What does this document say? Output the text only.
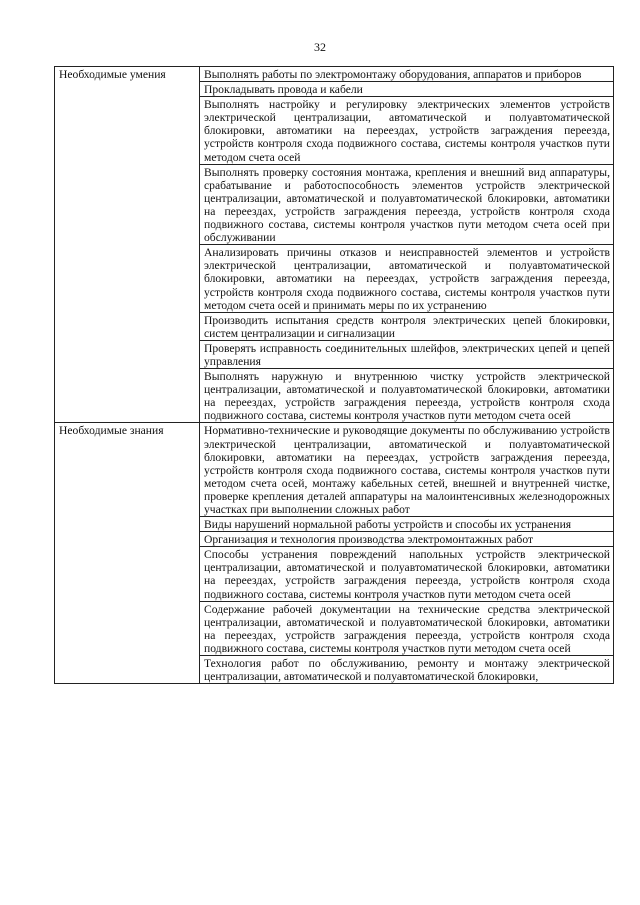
32
Необходимые умения	Выполнять работы по электромонтажу оборудования, аппаратов и приборов
	Прокладывать провода и кабели
	Выполнять настройку и регулировку электрических элементов устройств электрической централизации, автоматической и полуавтоматической блокировки, автоматики на переездах, устройств заграждения переезда, устройств контроля схода подвижного состава, системы контроля участков пути методом счета осей
	Выполнять проверку состояния монтажа, крепления и внешний вид аппаратуры, срабатывание и работоспособность элементов устройств электрической централизации, автоматической и полуавтоматической блокировки, автоматики на переездах, устройств заграждения переезда, устройств контроля схода подвижного состава, системы контроля участков пути методом счета осей при обслуживании
	Анализировать причины отказов и неисправностей элементов и устройств электрической централизации, автоматической и полуавтоматической блокировки, автоматики на переездах, устройств заграждения переезда, устройств контроля схода подвижного состава, системы контроля участков пути методом счета осей и принимать меры по их устранению
	Производить испытания средств контроля электрических цепей блокировки, систем централизации и сигнализации
	Проверять исправность соединительных шлейфов, электрических цепей и цепей управления
	Выполнять наружную и внутреннюю чистку устройств электрической централизации, автоматической и полуавтоматической блокировки, автоматики на переездах, устройств заграждения переезда, устройств контроля схода подвижного состава, системы контроля участков пути методом счета осей
Необходимые знания	Нормативно-технические и руководящие документы по обслуживанию устройств электрической централизации, автоматической и полуавтоматической блокировки, автоматики на переездах, устройств заграждения переезда, устройств контроля схода подвижного состава, системы контроля участков пути методом счета осей, монтажу кабельных сетей, внешней и внутренней чистке, проверке крепления деталей аппаратуры на малоинтенсивных железнодорожных участках при выполнении сложных работ
	Виды нарушений нормальной работы устройств и способы их устранения
	Организация и технология производства электромонтажных работ
	Способы устранения повреждений напольных устройств электрической централизации, автоматической и полуавтоматической блокировки, автоматики на переездах, устройств заграждения переезда, устройств контроля схода подвижного состава, системы контроля участков пути методом счета осей
	Содержание рабочей документации на технические средства электрической централизации, автоматической и полуавтоматической блокировки, автоматики на переездах, устройств заграждения переезда, устройств контроля схода подвижного состава, системы контроля участков пути методом счета осей
	Технология работ по обслуживанию, ремонту и монтажу электрической централизации, автоматической и полуавтоматической блокировки,
